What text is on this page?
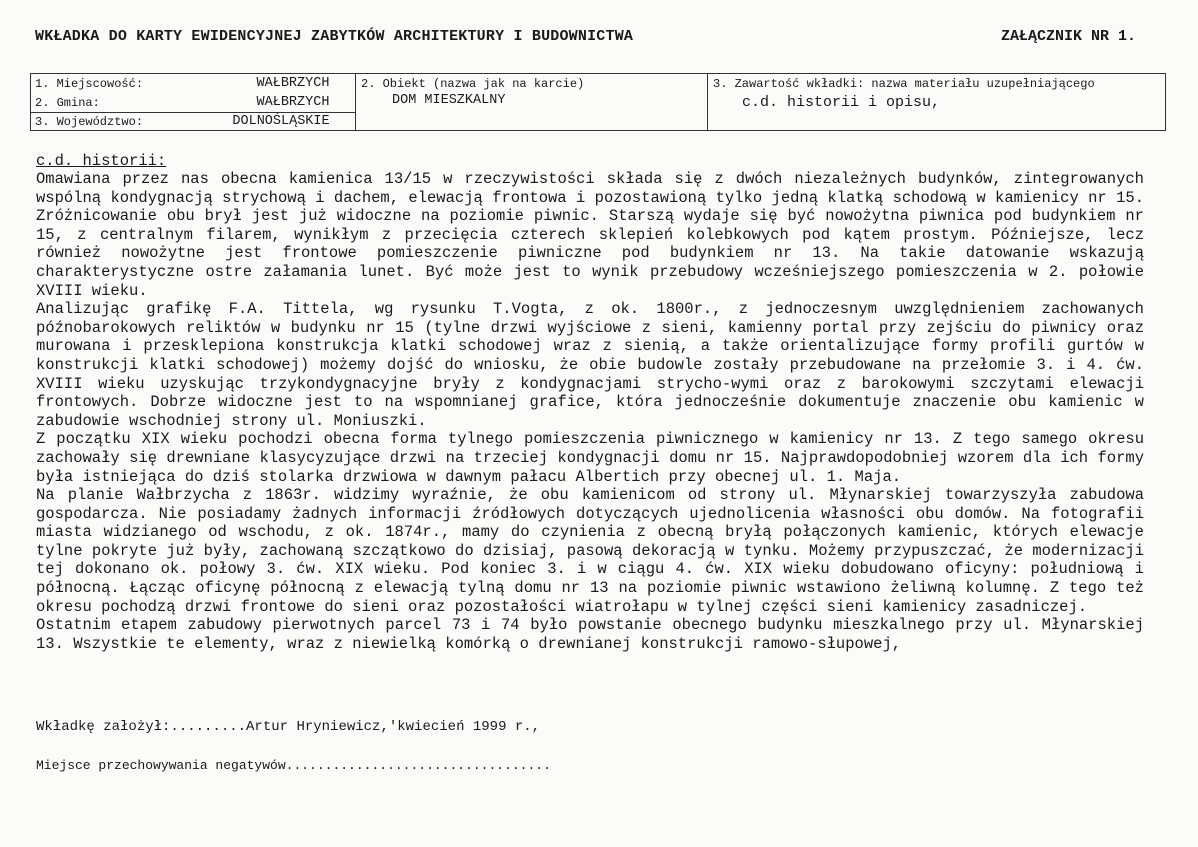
WKŁADKA DO KARTY EWIDENCYJNEJ ZABYTKÓW ARCHITEKTURY I BUDOWNICTWA	ZAŁĄCZNIK NR 1.
1. Miejscowość:	WAŁBRZYCH
2. Gmina:	WAŁBRZYCH
3. Województwo:	DOLNOŚLĄSKIE
2. Obiekt (nazwa jak na karcie)
DOM MIESZKALNY
3. Zawartość wkładki: nazwa materiału uzupełniającego
c.d. historii i opisu,
c.d. historii:

Omawiana przez nas obecna kamienica 13/15 w rzeczywistości składa się z dwóch niezależnych budynków, zintegrowanych wspólną kondygnacją strychową i dachem, elewacją frontowa i pozostawioną tylko jedną klatką schodową w kamienicy nr 15. Zróżnicowanie obu brył jest już widoczne na poziomie piwnic. Starszą wydaje się być nowożytna piwnica pod budynkiem nr 15, z centralnym filarem, wynikłym z przecięcia czterech sklepień kolebkowych pod kątem prostym. Późniejsze, lecz również nowożytne jest frontowe pomieszczenie piwniczne pod budynkiem nr 13. Na takie datowanie wskazują charakterystyczne ostre załamania lunet. Być może jest to wynik przebudowy wcześniejszego pomieszczenia w 2. połowie XVIII wieku.

Analizując grafikę F.A. Tittela, wg rysunku T.Vogta, z ok. 1800r., z jednoczesnym uwzględnieniem zachowanych późnobarokowych reliktów w budynku nr 15 (tylne drzwi wyjściowe z sieni, kamienny portal przy zejściu do piwnicy oraz murowana i przesklepiona konstrukcja klatki schodowej wraz z sienią, a także orientalizujące formy profili gurtów w konstrukcji klatki schodowej) możemy dojść do wniosku, że obie budowle zostały przebudowane na przełomie 3. i 4. ćw. XVIII wieku uzyskując trzykondygnacyjne bryły z kondygnacjami strycho-wymi oraz z barokowymi szczytami elewacji frontowych. Dobrze widoczne jest to na wspomnianej grafice, która jednocześnie dokumentuje znaczenie obu kamienic w zabudowie wschodniej strony ul. Moniuszki.

Z początku XIX wieku pochodzi obecna forma tylnego pomieszczenia piwnicznego w kamienicy nr 13. Z tego samego okresu zachowały się drewniane klasycyzujące drzwi na trzeciej kondygnacji domu nr 15. Najprawdopodobniej wzorem dla ich formy była istniejąca do dziś stolarka drzwiowa w dawnym pałacu Albertich przy obecnej ul. 1. Maja.

Na planie Wałbrzycha z 1863r. widzimy wyraźnie, że obu kamienicom od strony ul. Młynarskiej towarzyszyła zabudowa gospodarcza. Nie posiadamy żadnych informacji źródłowych dotyczących ujednolicenia własności obu domów. Na fotografii miasta widzianego od wschodu, z ok. 1874r., mamy do czynienia z obecną bryłą połączonych kamienic, których elewacje tylne pokryte już były, zachowaną szczątkowo do dzisiaj, pasową dekoracją w tynku. Możemy przypuszczać, że modernizacji tej dokonano ok. połowy 3. ćw. XIX wieku. Pod koniec 3. i w ciągu 4. ćw. XIX wieku dobudowano oficyny: południową i północną. Łącząc oficynę północną z elewacją tylną domu nr 13 na poziomie piwnic wstawiono żeliwną kolumnę. Z tego też okresu pochodzą drzwi frontowe do sieni oraz pozostałości wiatrołapu w tylnej części sieni kamienicy zasadniczej.

Ostatnim etapem zabudowy pierwotnych parcel 73 i 74 było powstanie obecnego budynku mieszkalnego przy ul. Młynarskiej 13. Wszystkie te elementy, wraz z niewielką komórką o drewnianej konstrukcji ramowo-słupowej,

Wkładkę założył:.........Artur Hryniewicz,'kwiecień 1999 r.,
Miejsce przechowywania negatywów..................................
